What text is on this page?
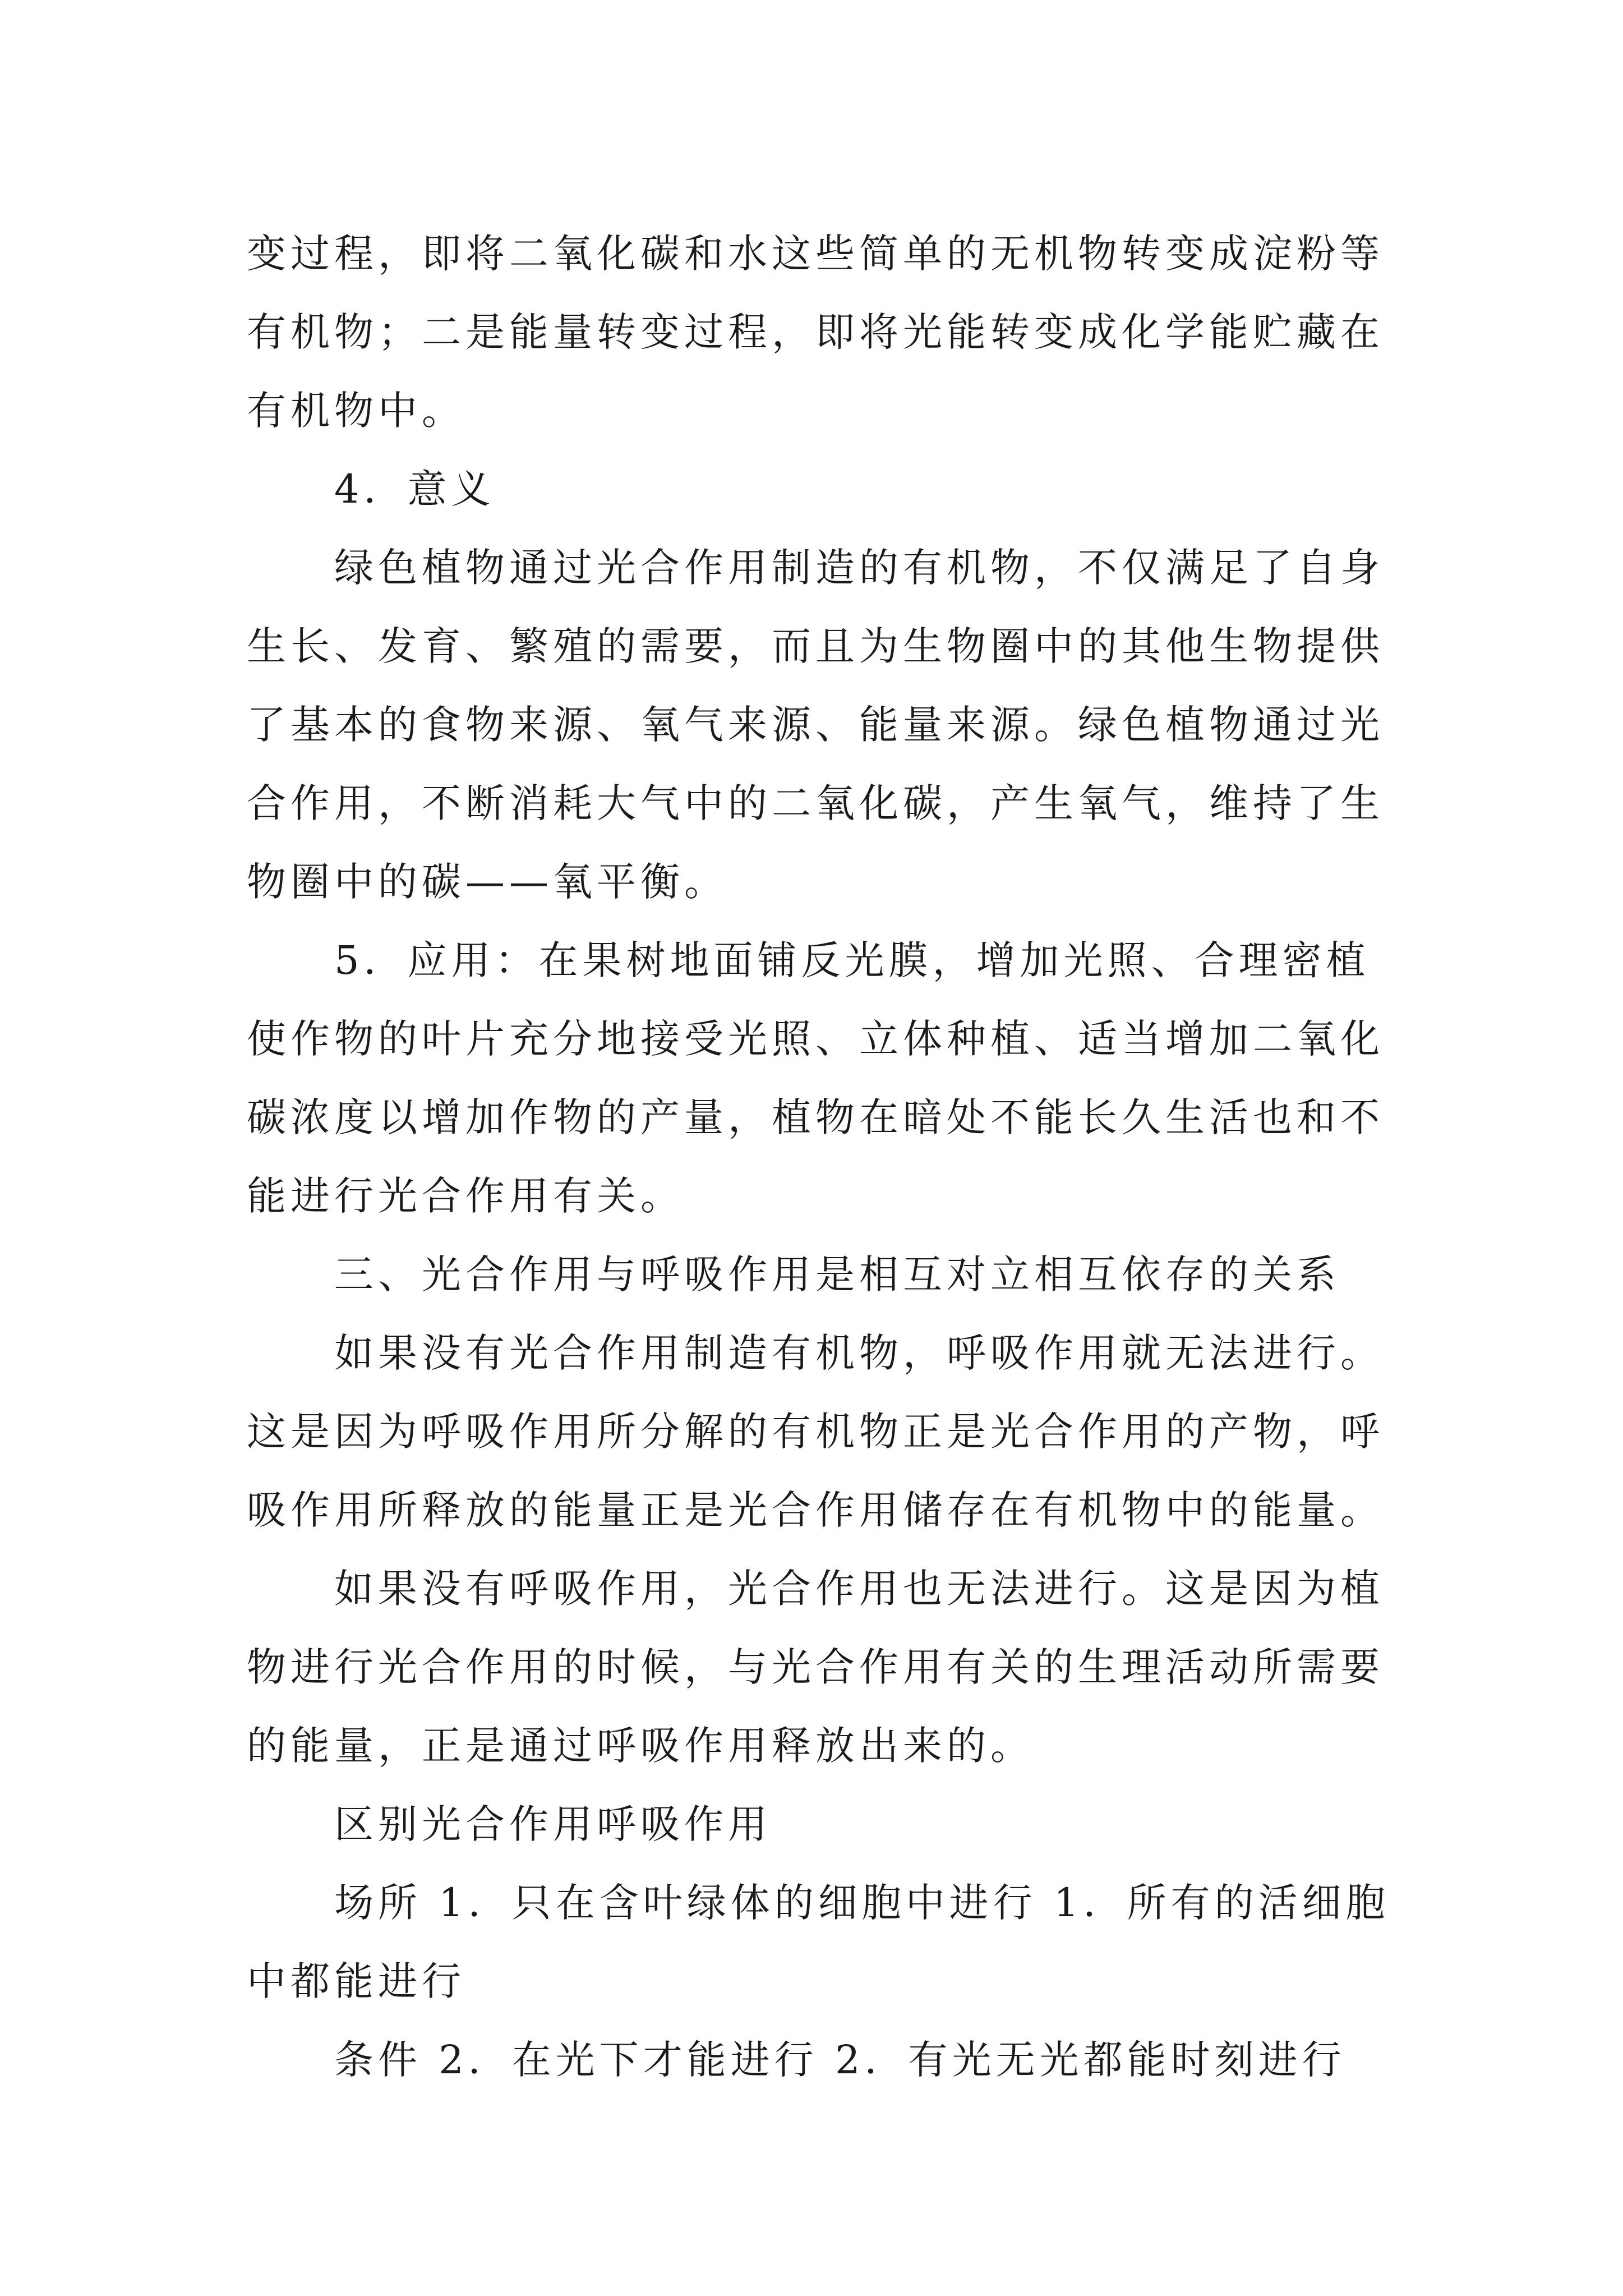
变过程，即将二氧化碳和水这些简单的无机物转变成淀粉等

有机物；二是能量转变过程，即将光能转变成化学能贮藏在

有机物中。

　　4．意义

　　绿色植物通过光合作用制造的有机物，不仅满足了自身

生长、发育、繁殖的需要，而且为生物圈中的其他生物提供

了基本的食物来源、氧气来源、能量来源。绿色植物通过光

合作用，不断消耗大气中的二氧化碳，产生氧气，维持了生

物圈中的碳——氧平衡。

　　5．应用：在果树地面铺反光膜，增加光照、合理密植

使作物的叶片充分地接受光照、立体种植、适当增加二氧化

碳浓度以增加作物的产量，植物在暗处不能长久生活也和不

能进行光合作用有关。

　　三、光合作用与呼吸作用是相互对立相互依存的关系

　　如果没有光合作用制造有机物，呼吸作用就无法进行。

这是因为呼吸作用所分解的有机物正是光合作用的产物，呼

吸作用所释放的能量正是光合作用储存在有机物中的能量。

　　如果没有呼吸作用，光合作用也无法进行。这是因为植

物进行光合作用的时候，与光合作用有关的生理活动所需要

的能量，正是通过呼吸作用释放出来的。

　　区别光合作用呼吸作用

　　场所 1．只在含叶绿体的细胞中进行 1．所有的活细胞

中都能进行

　　条件 2．在光下才能进行 2．有光无光都能时刻进行
